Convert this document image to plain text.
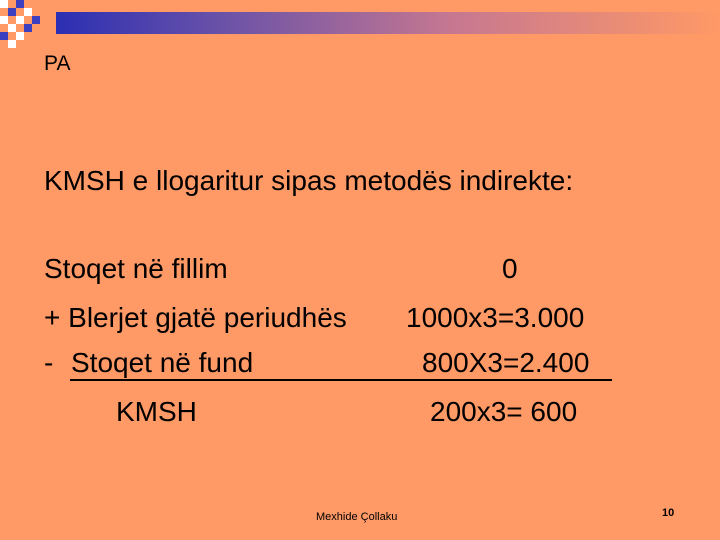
PA
KMSH e llogaritur sipas metodës indirekte:
Stoqet në fillim	0
+ Blerjet gjatë periudhës 1000x3=3.000
- Stoqet në fund	800X3=2.400
KMSH	200x3= 600
Mexhide Çollaku	10
